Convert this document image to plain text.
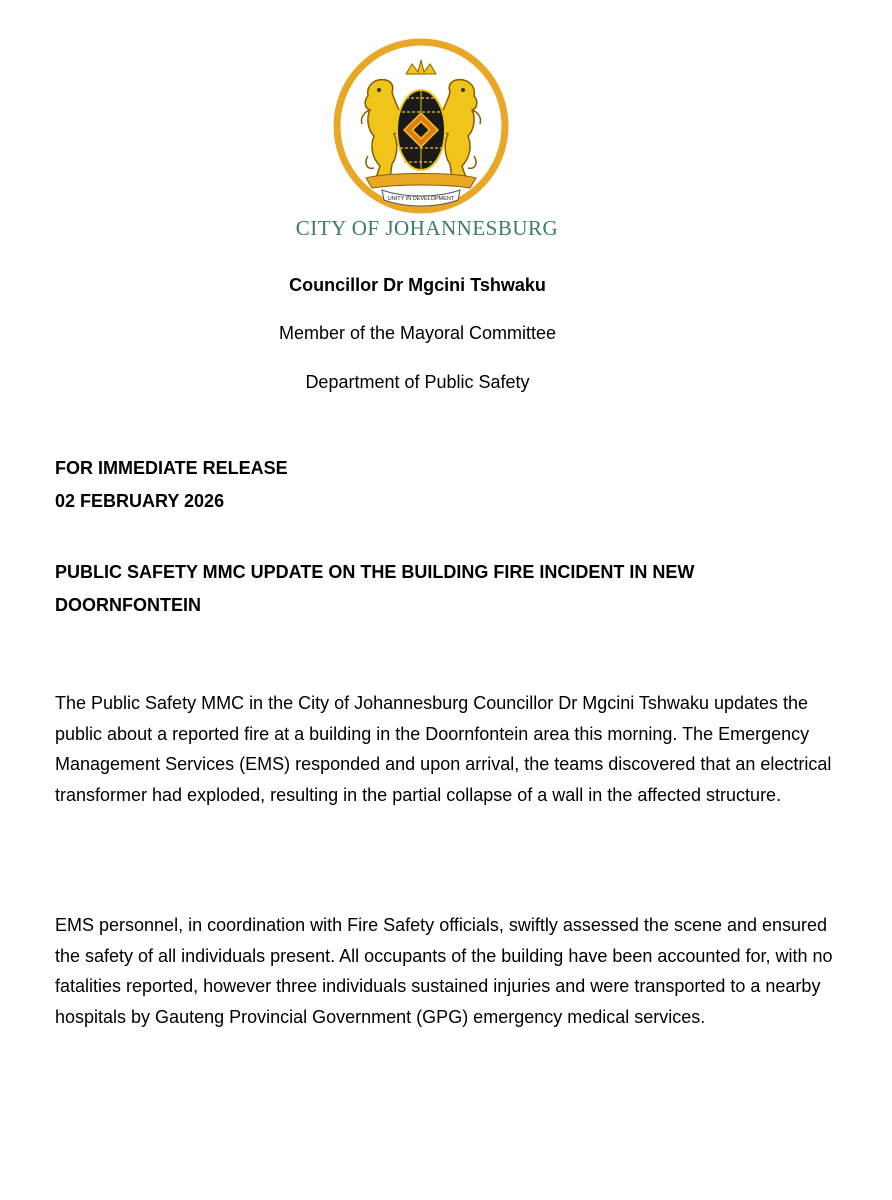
UNITY IN DEVELOPMENT
CITY OF JOHANNESBURG
Councillor Dr Mgcini Tshwaku
Member of the Mayoral Committee
Department of Public Safety
FOR IMMEDIATE RELEASE
02 FEBRUARY 2026
PUBLIC SAFETY MMC UPDATE ON THE BUILDING FIRE INCIDENT IN NEW DOORNFONTEIN
The Public Safety MMC in the City of Johannesburg Councillor Dr Mgcini Tshwaku updates the public about a reported fire at a building in the Doornfontein area this morning. The Emergency Management Services (EMS) responded and upon arrival, the teams discovered that an electrical transformer had exploded, resulting in the partial collapse of a wall in the affected structure.
EMS personnel, in coordination with Fire Safety officials, swiftly assessed the scene and ensured the safety of all individuals present. All occupants of the building have been accounted for, with no fatalities reported, however three individuals sustained injuries and were transported to a nearby hospitals by Gauteng Provincial Government (GPG) emergency medical services.
